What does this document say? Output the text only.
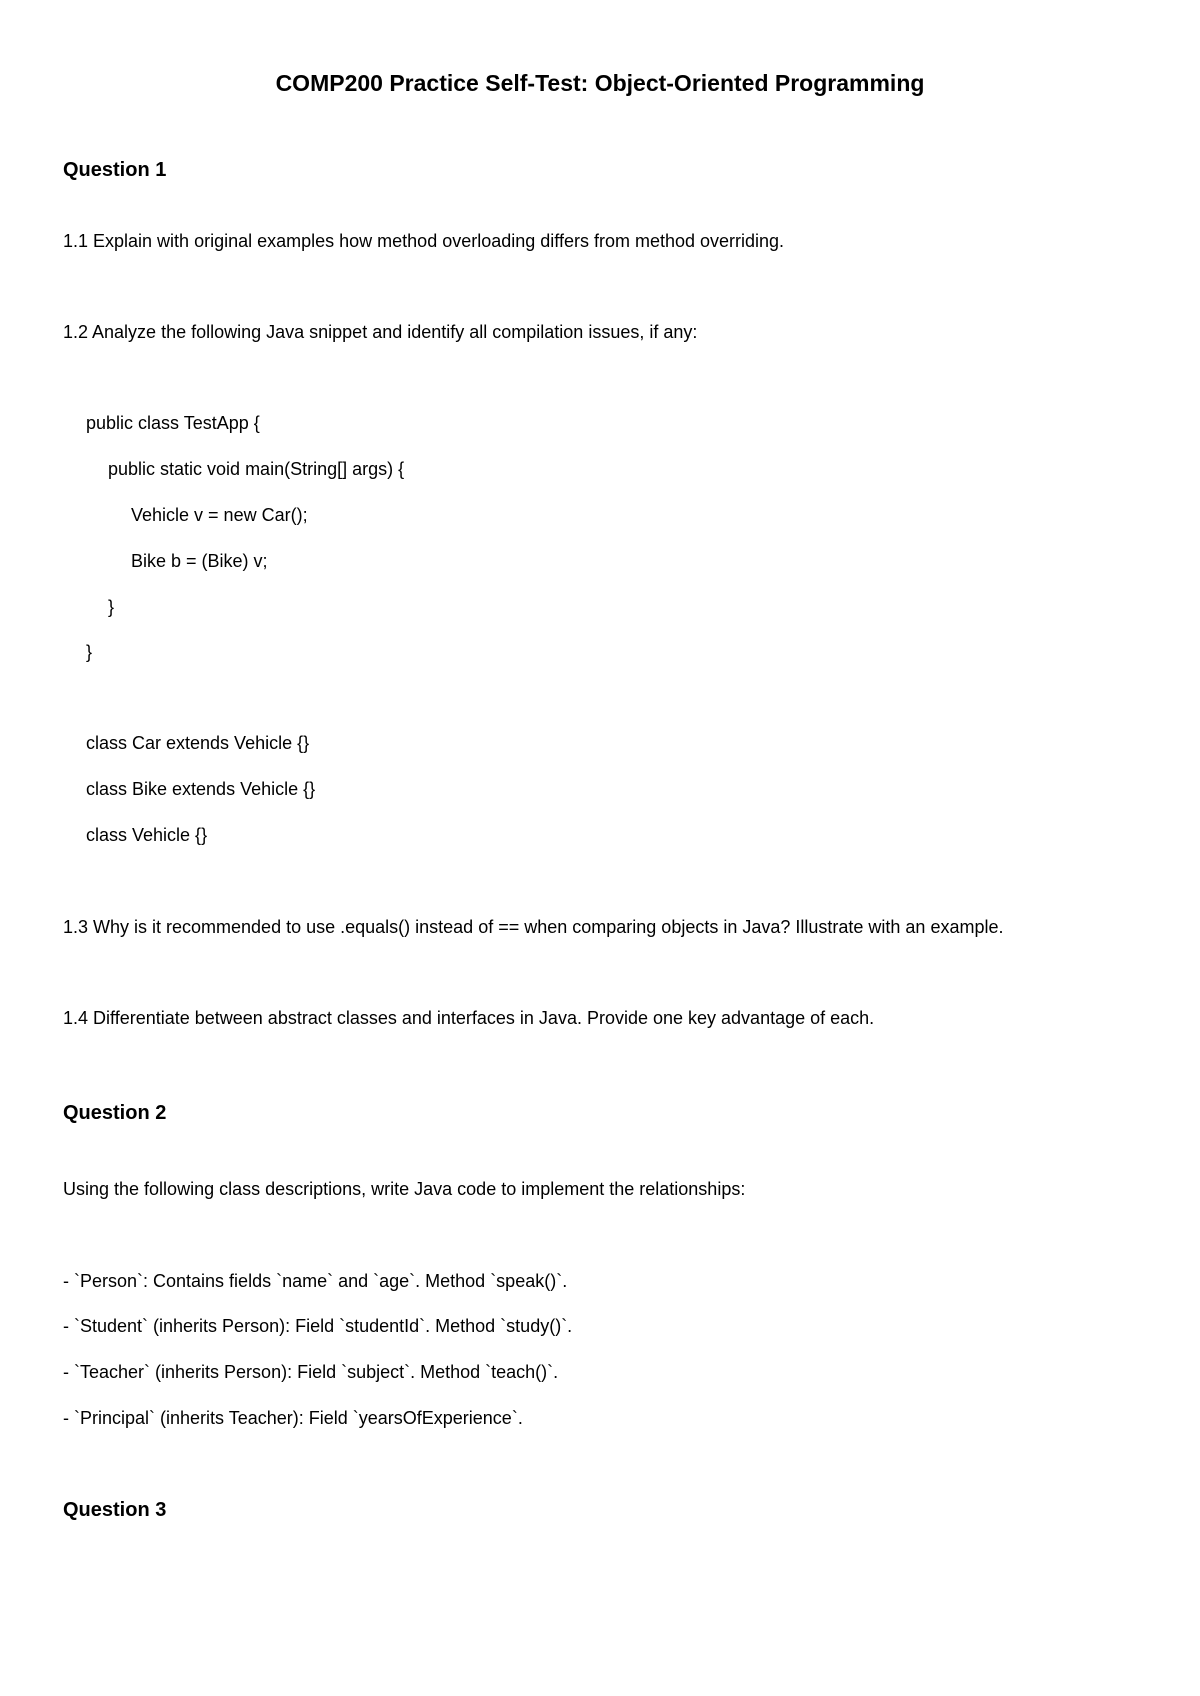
COMP200 Practice Self-Test: Object-Oriented Programming
Question 1

1.1 Explain with original examples how method overloading differs from method overriding.

1.2 Analyze the following Java snippet and identify all compilation issues, if any:

public class TestApp {

public static void main(String[] args) {

Vehicle v = new Car();

Bike b = (Bike) v;

}

}

class Car extends Vehicle {}

class Bike extends Vehicle {}

class Vehicle {}

1.3 Why is it recommended to use .equals() instead of == when comparing objects in Java? Illustrate with an example.

1.4 Differentiate between abstract classes and interfaces in Java. Provide one key advantage of each.

Question 2

Using the following class descriptions, write Java code to implement the relationships:

- `Person`: Contains fields `name` and `age`. Method `speak()`.

- `Student` (inherits Person): Field `studentId`. Method `study()`.

- `Teacher` (inherits Person): Field `subject`. Method `teach()`.

- `Principal` (inherits Teacher): Field `yearsOfExperience`.

Question 3
